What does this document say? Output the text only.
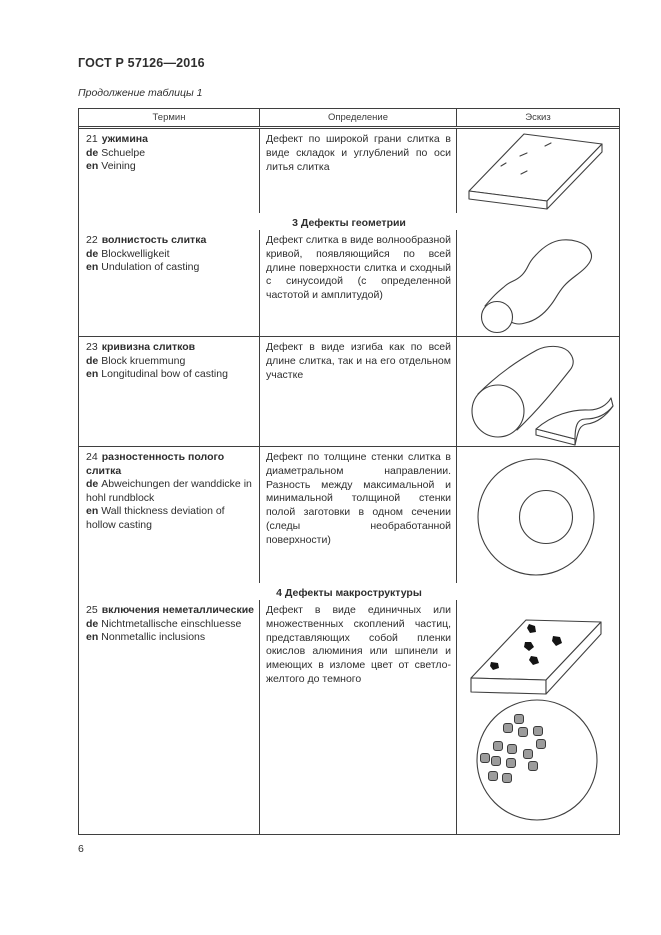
ГОСТ Р 57126—2016
Продолжение таблицы 1
Термин	Определение	Эскиз
21 ужимина
de Schuelpe
en Veining
Дефект по широкой грани слитка в виде складок и углублений по оси литья слитка
3 Дефекты геометрии
22 волнистость слитка
de Blockwelligkeit
en Undulation of casting
Дефект слитка в виде волнообразной кривой, появляющийся по всей длине поверхности слитка и сходный с синусоидой (с определенной частотой и амплитудой)
23 кривизна слитков
de Block kruemmung
en Longitudinal bow of casting
Дефект в виде изгиба как по всей длине слитка, так и на его отдельном участке
24 разностенность полого слитка
de Abweichungen der wanddicke in hohl rundblock
en Wall thickness deviation of hollow casting
Дефект по толщине стенки слитка в диаметральном направлении. Разность между максимальной и минимальной толщиной стенки полой заготовки в одном сечении (следы необработанной поверхности)
4 Дефекты макроструктуры
25 включения неметаллические
de Nichtmetallische einschluesse
en Nonmetallic inclusions
Дефект в виде единичных или множественных скоплений частиц, представляющих собой пленки окислов алюминия или шпинели и имеющих в изломе цвет от светло-желтого до темного
6
